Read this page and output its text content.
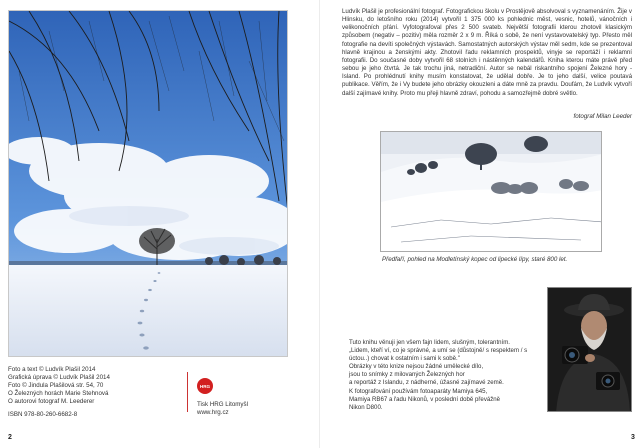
Foto a text © Ludvík Plašil 2014
Grafická úprava © Ludvík Plašil 2014
Foto © Jindula Plašilová str. 54, 70
O Železných horách Marie Stehnová
O autorovi fotograf M. Leederer
ISBN 978-80-260-6682-8
HRG
Tisk HRG Litomyšl
www.hrg.cz
2
Ludvík Plašil je profesionální fotograf. Fotografickou školu v Prostějově absolvoval s vyznamenáním. Žije v Hlinsku, do letošního roku (2014) vytvořil 1 375 000 ks pohlednic měst, vesnic, hotelů, vánočních i velikonočních přání. Vyfotografoval přes 2 500 svateb. Největší fotografii kterou zhotovil klasickým způsobem (negativ – pozitiv) měla rozměr 2 x 9 m. Říká o sobě, že není vystavovatelský typ. Přesto měl fotografie na devíti společných výstavách. Samostatných autorských výstav měl sedm, kde se prezentoval hlavně krajinou a ženskými akty. Zhotovil řadu reklamních prospektů, vinyje se reportáží i reklamní fotografii. Do současné doby vytvořil 68 stolních i nástěnných kalendářů. Kniha kterou máte právě před sebou je jeho čtvrtá. Je tak trochu jiná, netradiční. Autor se nebál riskantního spojení Železné hory - Island. Po prohlédnutí knihy musím konstatovat, že udělal dobře. Je to jeho další, velice poutavá publikace. Věřím, že i Vy budete jeho obrázky okouzleni a dáte mně za pravdu. Doufám, že Ludvík vytvoří další zajímavé knihy. Proto mu přeji hlavně zdraví, pohodu a samozřejmě dobré světlo.
fotograf Milan Leeder
Předfaří, pohled na Modletínský kopec od lipecké lípy, staré 800 let.
Tuto knihu věnuji jen všem fajn lidem, slušným, tolerantním.
„Lidem, kteří ví, co je správné, a umí se (důstojně/ s respektem / s úctou..) chovat k ostatním i sami k sobě."
Obrázky v této knize nejsou žádné umělecké dílo,
jsou to snímky z milovaných Železných hor
a reportáž z Islandu, z nádherné, úžasné zajímavé země.
K fotografování používám fotoaparáty Mamiya 645,
Mamiya RB67 a řadu Nikonů, v poslední době převážně
Nikon D800.
3
